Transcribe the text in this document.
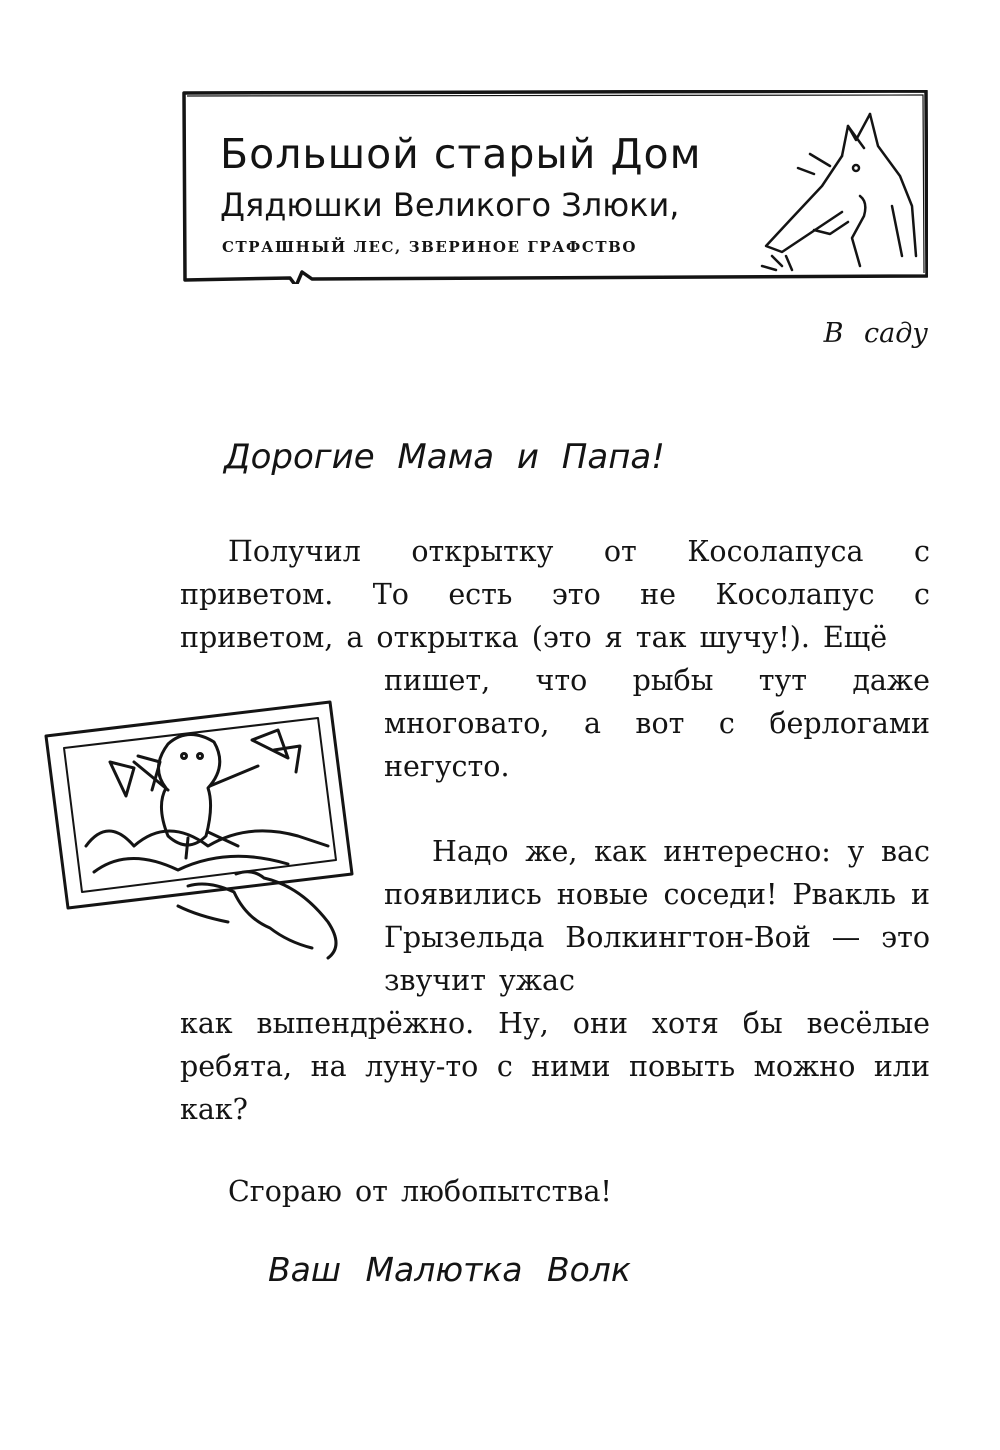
Большой старый Дом

Дядюшки Великого Злюки,

СТРАШНЫЙ ЛЕС, ЗВЕРИНОЕ ГРАФСТВО

В саду
Дорогие Мама и Папа!

Получил открытку от Косолапуса с приветом. То есть это не Косолапус с приветом, а открытка (это я так шучу!). Ещё

пишет, что рыбы тут даже многовато, а вот с берлогами негусто.

Надо же, как интересно: у вас появились новые соседи! Рвакль и Грызельда Волкингтон-Вой — это звучит ужас

как выпендрёжно. Ну, они хотя бы весёлые ребята, на луну-то с ними повыть можно или как?

Сгораю от любопытства!

Ваш Малютка Волк
